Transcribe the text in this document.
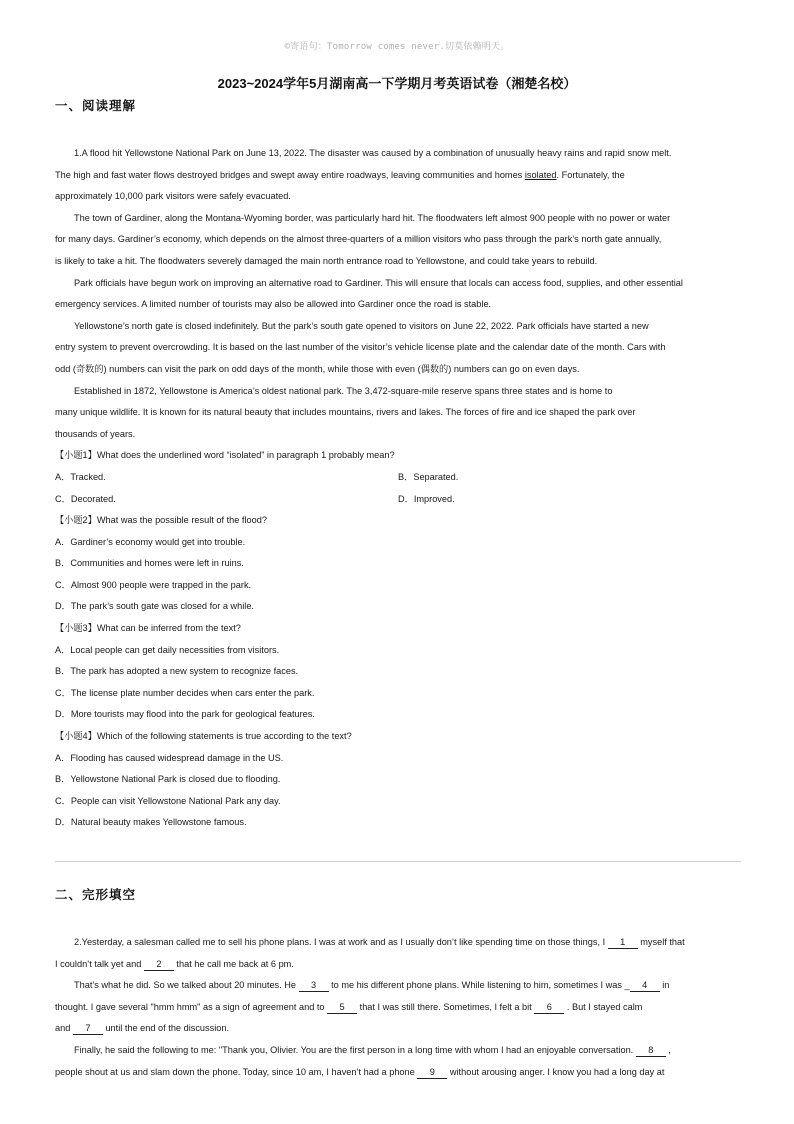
©寄语句：Tomorrow comes never.切莫依赖明天。
2023~2024学年5月湖南高一下学期月考英语试卷（湘楚名校）
一、阅读理解
1.A flood hit Yellowstone National Park on June 13, 2022. The disaster was caused by a combination of unusually heavy rains and rapid snow melt.
The high and fast water flows destroyed bridges and swept away entire roadways, leaving communities and homes isolated. Fortunately, the
approximately 10,000 park visitors were safely evacuated.
The town of Gardiner, along the Montana-Wyoming border, was particularly hard hit. The floodwaters left almost 900 people with no power or water
for many days. Gardiner’s economy, which depends on the almost three-quarters of a million visitors who pass through the park’s north gate annually,
is likely to take a hit. The floodwaters severely damaged the main north entrance road to Yellowstone, and could take years to rebuild.
Park officials have begun work on improving an alternative road to Gardiner. This will ensure that locals can access food, supplies, and other essential
emergency services. A limited number of tourists may also be allowed into Gardiner once the road is stable.
Yellowstone’s north gate is closed indefinitely. But the park’s south gate opened to visitors on June 22, 2022. Park officials have started a new
entry system to prevent overcrowding. It is based on the last number of the visitor’s vehicle license plate and the calendar date of the month. Cars with
odd (奇数的) numbers can visit the park on odd days of the month, while those with even (偶数的) numbers can go on even days.
Established in 1872, Yellowstone is America’s oldest national park. The 3,472-square-mile reserve spans three states and is home to
many unique wildlife. It is known for its natural beauty that includes mountains, rivers and lakes. The forces of fire and ice shaped the park over
thousands of years.
【小题1】What does the underlined word “isolated” in paragraph 1 probably mean?
A．Tracked.	B．Separated.
C．Decorated.	D．Improved.
【小题2】What was the possible result of the flood?
A．Gardiner’s economy would get into trouble.
B．Communities and homes were left in ruins.
C．Almost 900 people were trapped in the park.
D．The park’s south gate was closed for a while.
【小题3】What can be inferred from the text?
A．Local people can get daily necessities from visitors.
B．The park has adopted a new system to recognize faces.
C．The license plate number decides when cars enter the park.
D．More tourists may flood into the park for geological features.
【小题4】Which of the following statements is true according to the text?
A．Flooding has caused widespread damage in the US.
B．Yellowstone National Park is closed due to flooding.
C．People can visit Yellowstone National Park any day.
D．Natural beauty makes Yellowstone famous.
二、完形填空
2.Yesterday, a salesman called me to sell his phone plans. I was at work and as I usually don’t like spending time on those things, I 1 myself that
I couldn’t talk yet and 2 that he call me back at 6 pm.
That’s what he did. So we talked about 20 minutes. He 3 to me his different phone plans. While listening to him, sometimes I was _ 4 in
thought. I gave several "hmm hmm" as a sign of agreement and to 5 that I was still there. Sometimes, I felt a bit 6 . But I stayed calm
and 7 until the end of the discussion.
Finally, he said the following to me: "Thank you, Olivier. You are the first person in a long time with whom I had an enjoyable conversation. 8 ,
people shout at us and slam down the phone. Today, since 10 am, I haven’t had a phone 9 without arousing anger. I know you had a long day at
